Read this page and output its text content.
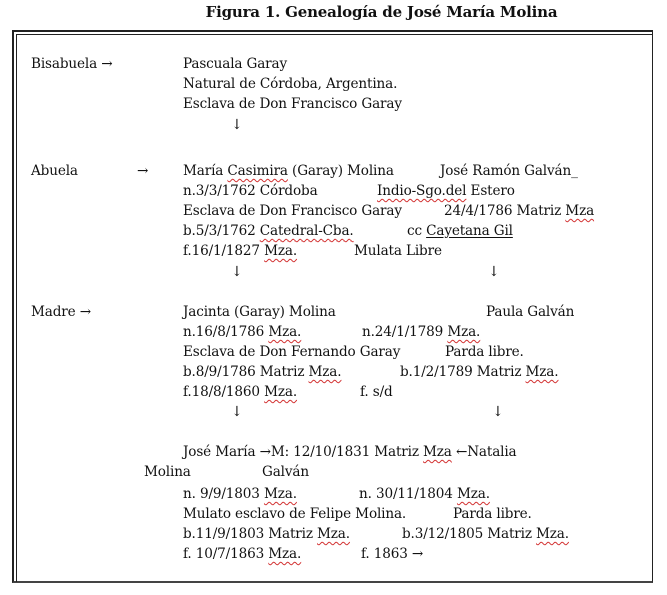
Figura 1. Genealogía de José María Molina
Bisabuela →	Pascuala Garay
Natural de Córdoba, Argentina.
Esclava de Don Francisco Garay
↓
Abuela	→	María Casimira (Garay) Molina	José Ramón Galván_
n.3/3/1762 Córdoba	Indio-Sgo.del Estero
Esclava de Don Francisco Garay	24/4/1786 Matriz Mza
b.5/3/1762 Catedral-Cba.	cc Cayetana Gil
f.16/1/1827 Mza.	Mulata Libre
↓	↓
Madre →	Jacinta (Garay) Molina	Paula Galván
n.16/8/1786 Mza.	n.24/1/1789 Mza.
Esclava de Don Fernando Garay	Parda libre.
b.8/9/1786 Matriz Mza.	b.1/2/1789 Matriz Mza.
f.18/8/1860 Mza.	f. s/d
↓	↓
José María →M: 12/10/1831 Matriz Mza ←Natalia
Molina	Galván
n. 9/9/1803 Mza.	n. 30/11/1804 Mza.
Mulato esclavo de Felipe Molina.	Parda libre.
b.11/9/1803 Matriz Mza.	b.3/12/1805 Matriz Mza.
f. 10/7/1863 Mza.	f. 1863 →
